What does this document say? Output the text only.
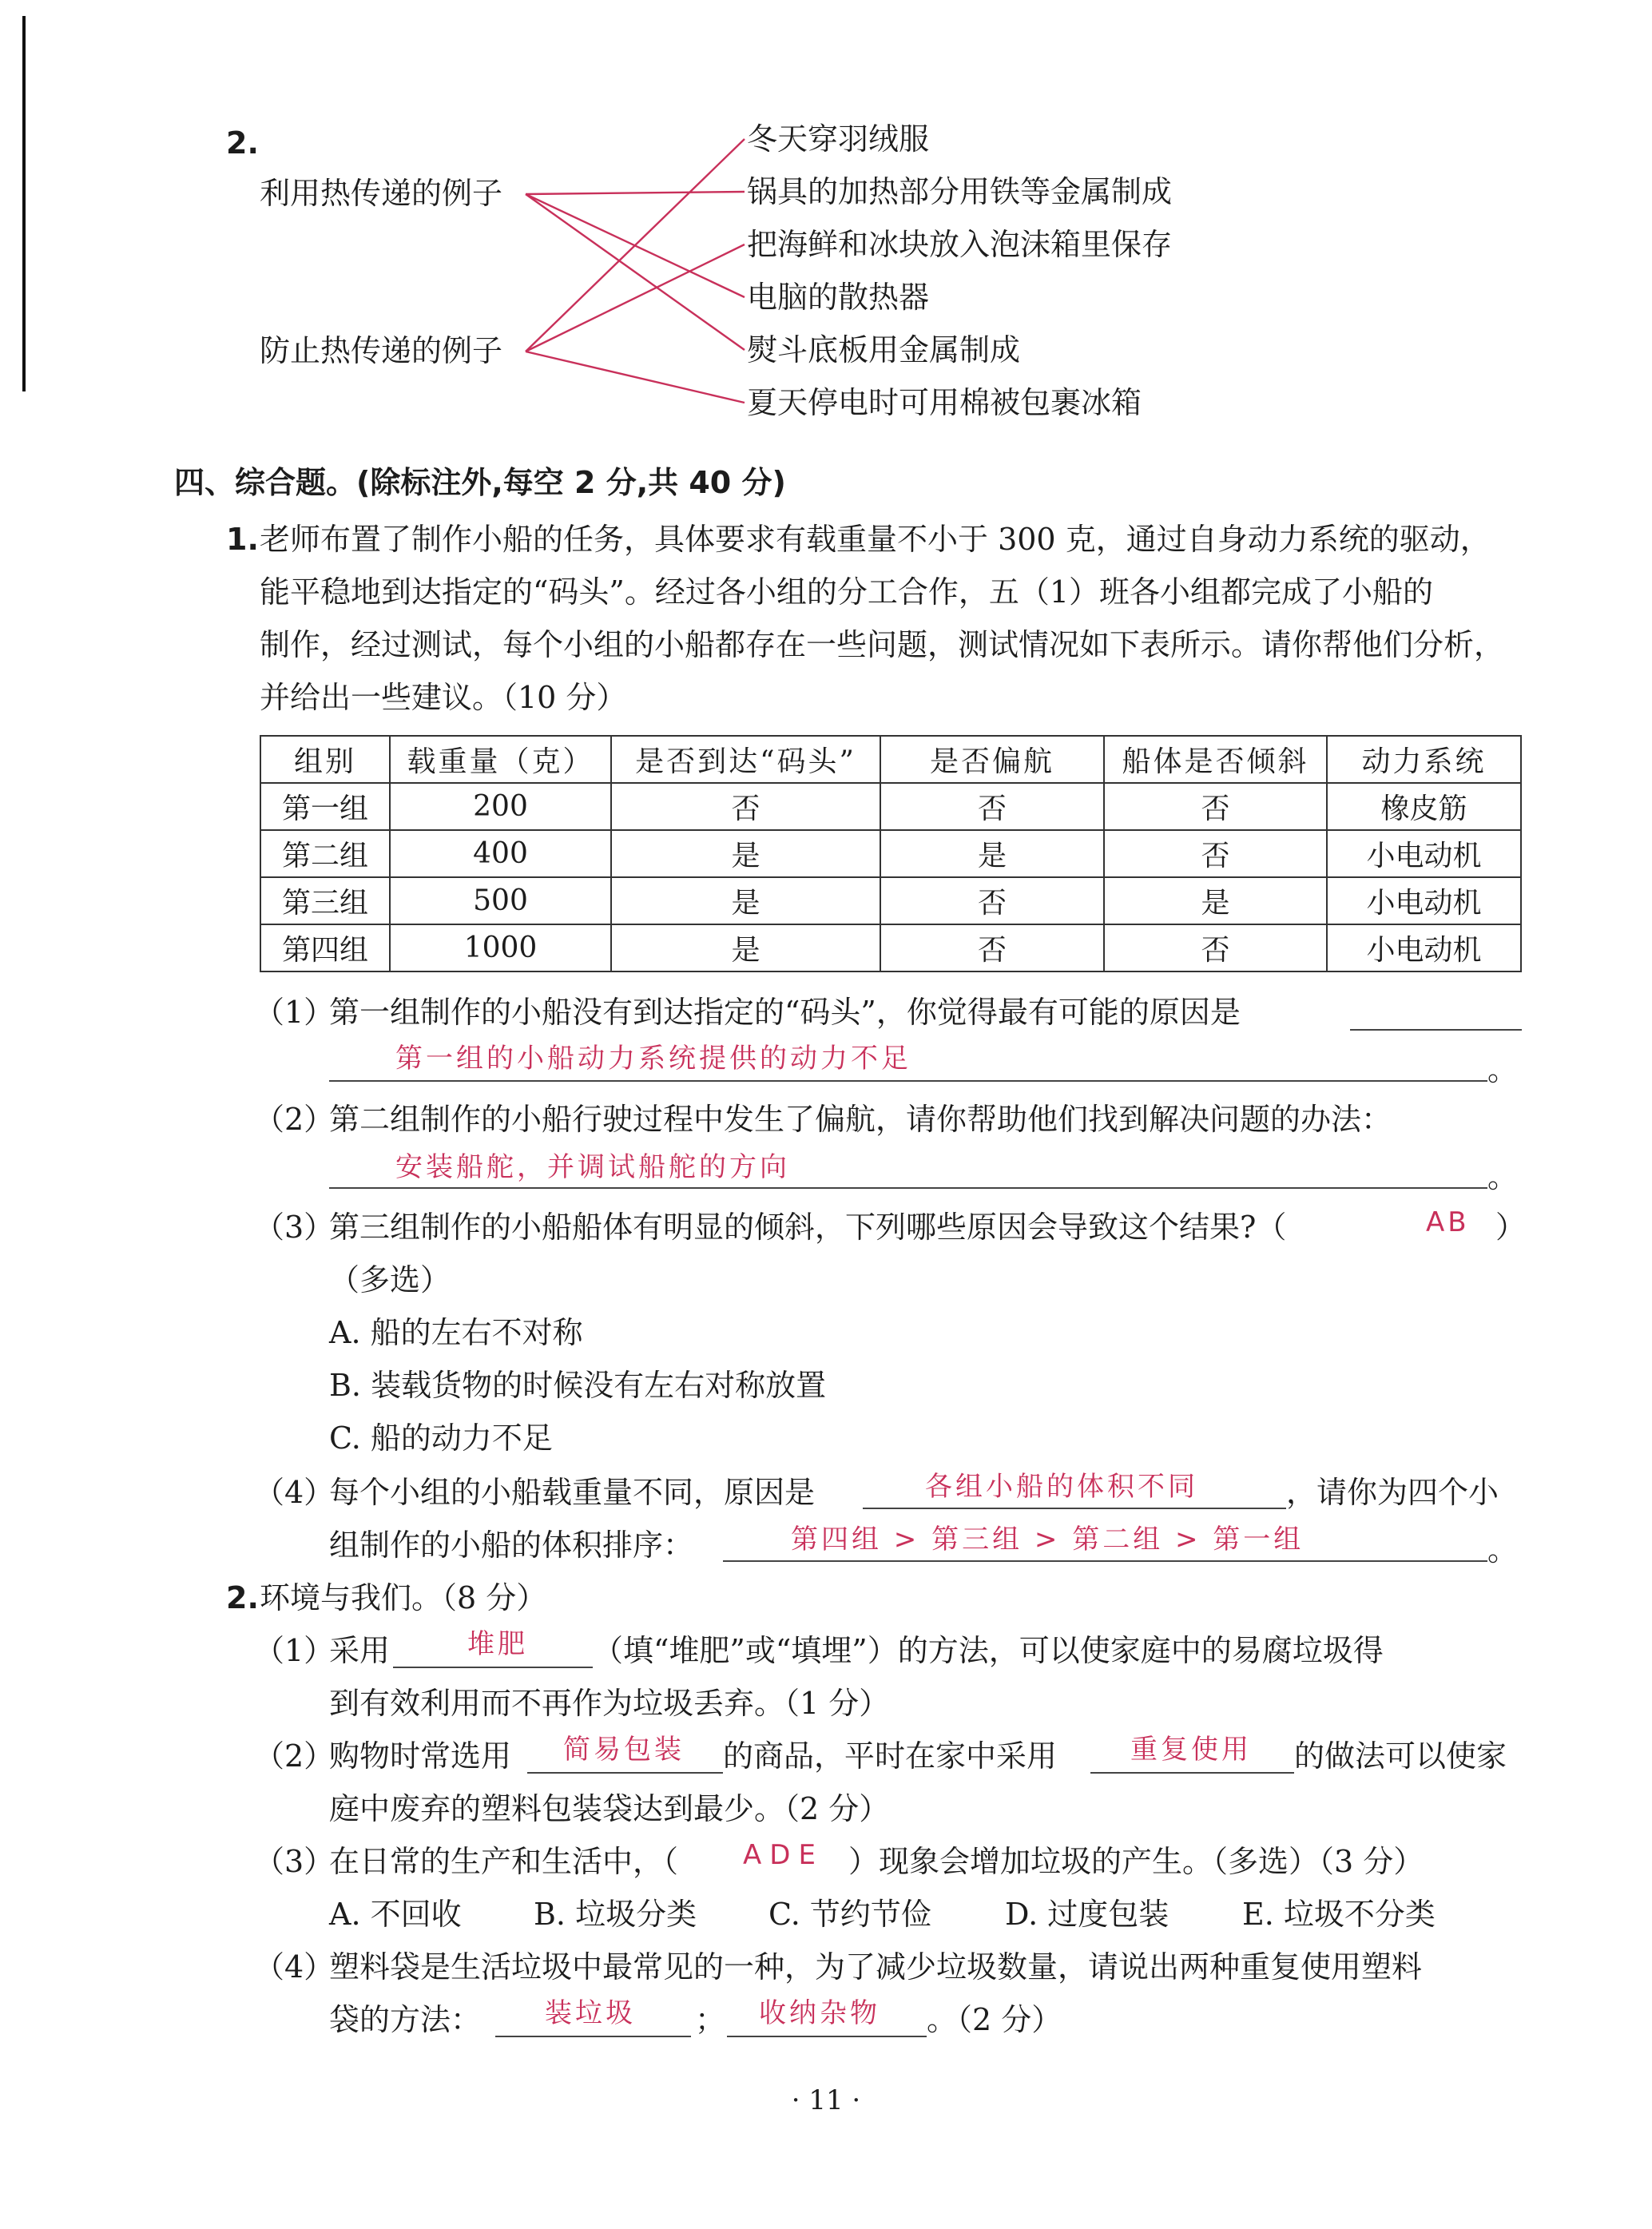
2.
利用热传递的例子
防止热传递的例子
冬天穿羽绒服
锅具的加热部分用铁等金属制成
把海鲜和冰块放入泡沫箱里保存
电脑的散热器
熨斗底板用金属制成
夏天停电时可用棉被包裹冰箱
四、综合题。(除标注外,每空 2 分,共 40 分)
1. 老师布置了制作小船的任务，具体要求有载重量不小于 300 克，通过自身动力系统的驱动，
能平稳地到达指定的“码头”。经过各小组的分工合作，五（1）班各小组都完成了小船的
制作，经过测试，每个小组的小船都存在一些问题，测试情况如下表所示。请你帮他们分析，
并给出一些建议。（10 分）
组别	载重量（克）	是否到达“码头”	是否偏航	船体是否倾斜	动力系统
第一组	200	否	否	否	橡皮筋
第二组	400	是	是	否	小电动机
第三组	500	是	否	是	小电动机
第四组	1000	是	否	否	小电动机
（1）
第一组制作的小船没有到达指定的“码头”，你觉得最有可能的原因是
第一组的小船动力系统提供的动力不足	。
（2）
第二组制作的小船行驶过程中发生了偏航，请你帮助他们找到解决问题的办法：
安装船舵，并调试船舵的方向	。
（3）
第三组制作的小船船体有明显的倾斜，下列哪些原因会导致这个结果?（	AB ）
（多选）
A. 船的左右不对称
B. 装载货物的时候没有左右对称放置
C. 船的动力不足
（4）
每个小组的小船载重量不同，原因是	各组小船的体积不同	，请你为四个小
组制作的小船的体积排序：	第四组 > 第三组 > 第二组 > 第一组	。
2. 环境与我们。（8 分）
（1）
采用	堆肥 （填“堆肥”或“填埋”）的方法，可以使家庭中的易腐垃圾得
到有效利用而不再作为垃圾丢弃。（1 分）
（2）
购物时常选用 简易包装 的商品，平时在家中采用	重复使用 的做法可以使家
庭中废弃的塑料包装袋达到最少。（2 分）
（3）
在日常的生产和生活中，（ ADE ）现象会增加垃圾的产生。（多选）（3 分）
A. 不回收 B. 垃圾分类 C. 节约节俭 D. 过度包装 E. 垃圾不分类
（4）
塑料袋是生活垃圾中最常见的一种，为了减少垃圾数量，请说出两种重复使用塑料
袋的方法： 装垃圾 ； 收纳杂物 。（2 分）
· 11 ·
